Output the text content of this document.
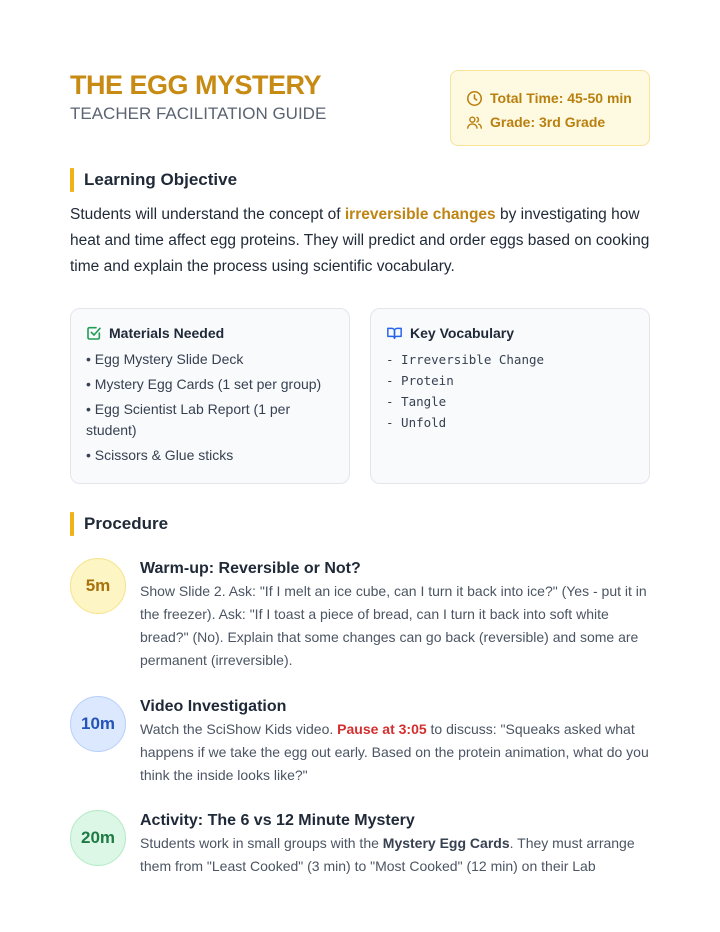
THE EGG MYSTERY
TEACHER FACILITATION GUIDE
Total Time: 45-50 min
Grade: 3rd Grade
Learning Objective
Students will understand the concept of irreversible changes by investigating how heat and time affect egg proteins. They will predict and order eggs based on cooking time and explain the process using scientific vocabulary.
Materials Needed
• Egg Mystery Slide Deck
• Mystery Egg Cards (1 set per group)
• Egg Scientist Lab Report (1 per student)
• Scissors & Glue sticks
Key Vocabulary
- Irreversible Change
- Protein
- Tangle
- Unfold
Procedure
5m
Warm-up: Reversible or Not?
Show Slide 2. Ask: "If I melt an ice cube, can I turn it back into ice?" (Yes - put it in the freezer). Ask: "If I toast a piece of bread, can I turn it back into soft white bread?" (No). Explain that some changes can go back (reversible) and some are permanent (irreversible).
10m
Video Investigation
Watch the SciShow Kids video. Pause at 3:05 to discuss: "Squeaks asked what happens if we take the egg out early. Based on the protein animation, what do you think the inside looks like?"
20m
Activity: The 6 vs 12 Minute Mystery
Students work in small groups with the Mystery Egg Cards. They must arrange them from "Least Cooked" (3 min) to "Most Cooked" (12 min) on their Lab
